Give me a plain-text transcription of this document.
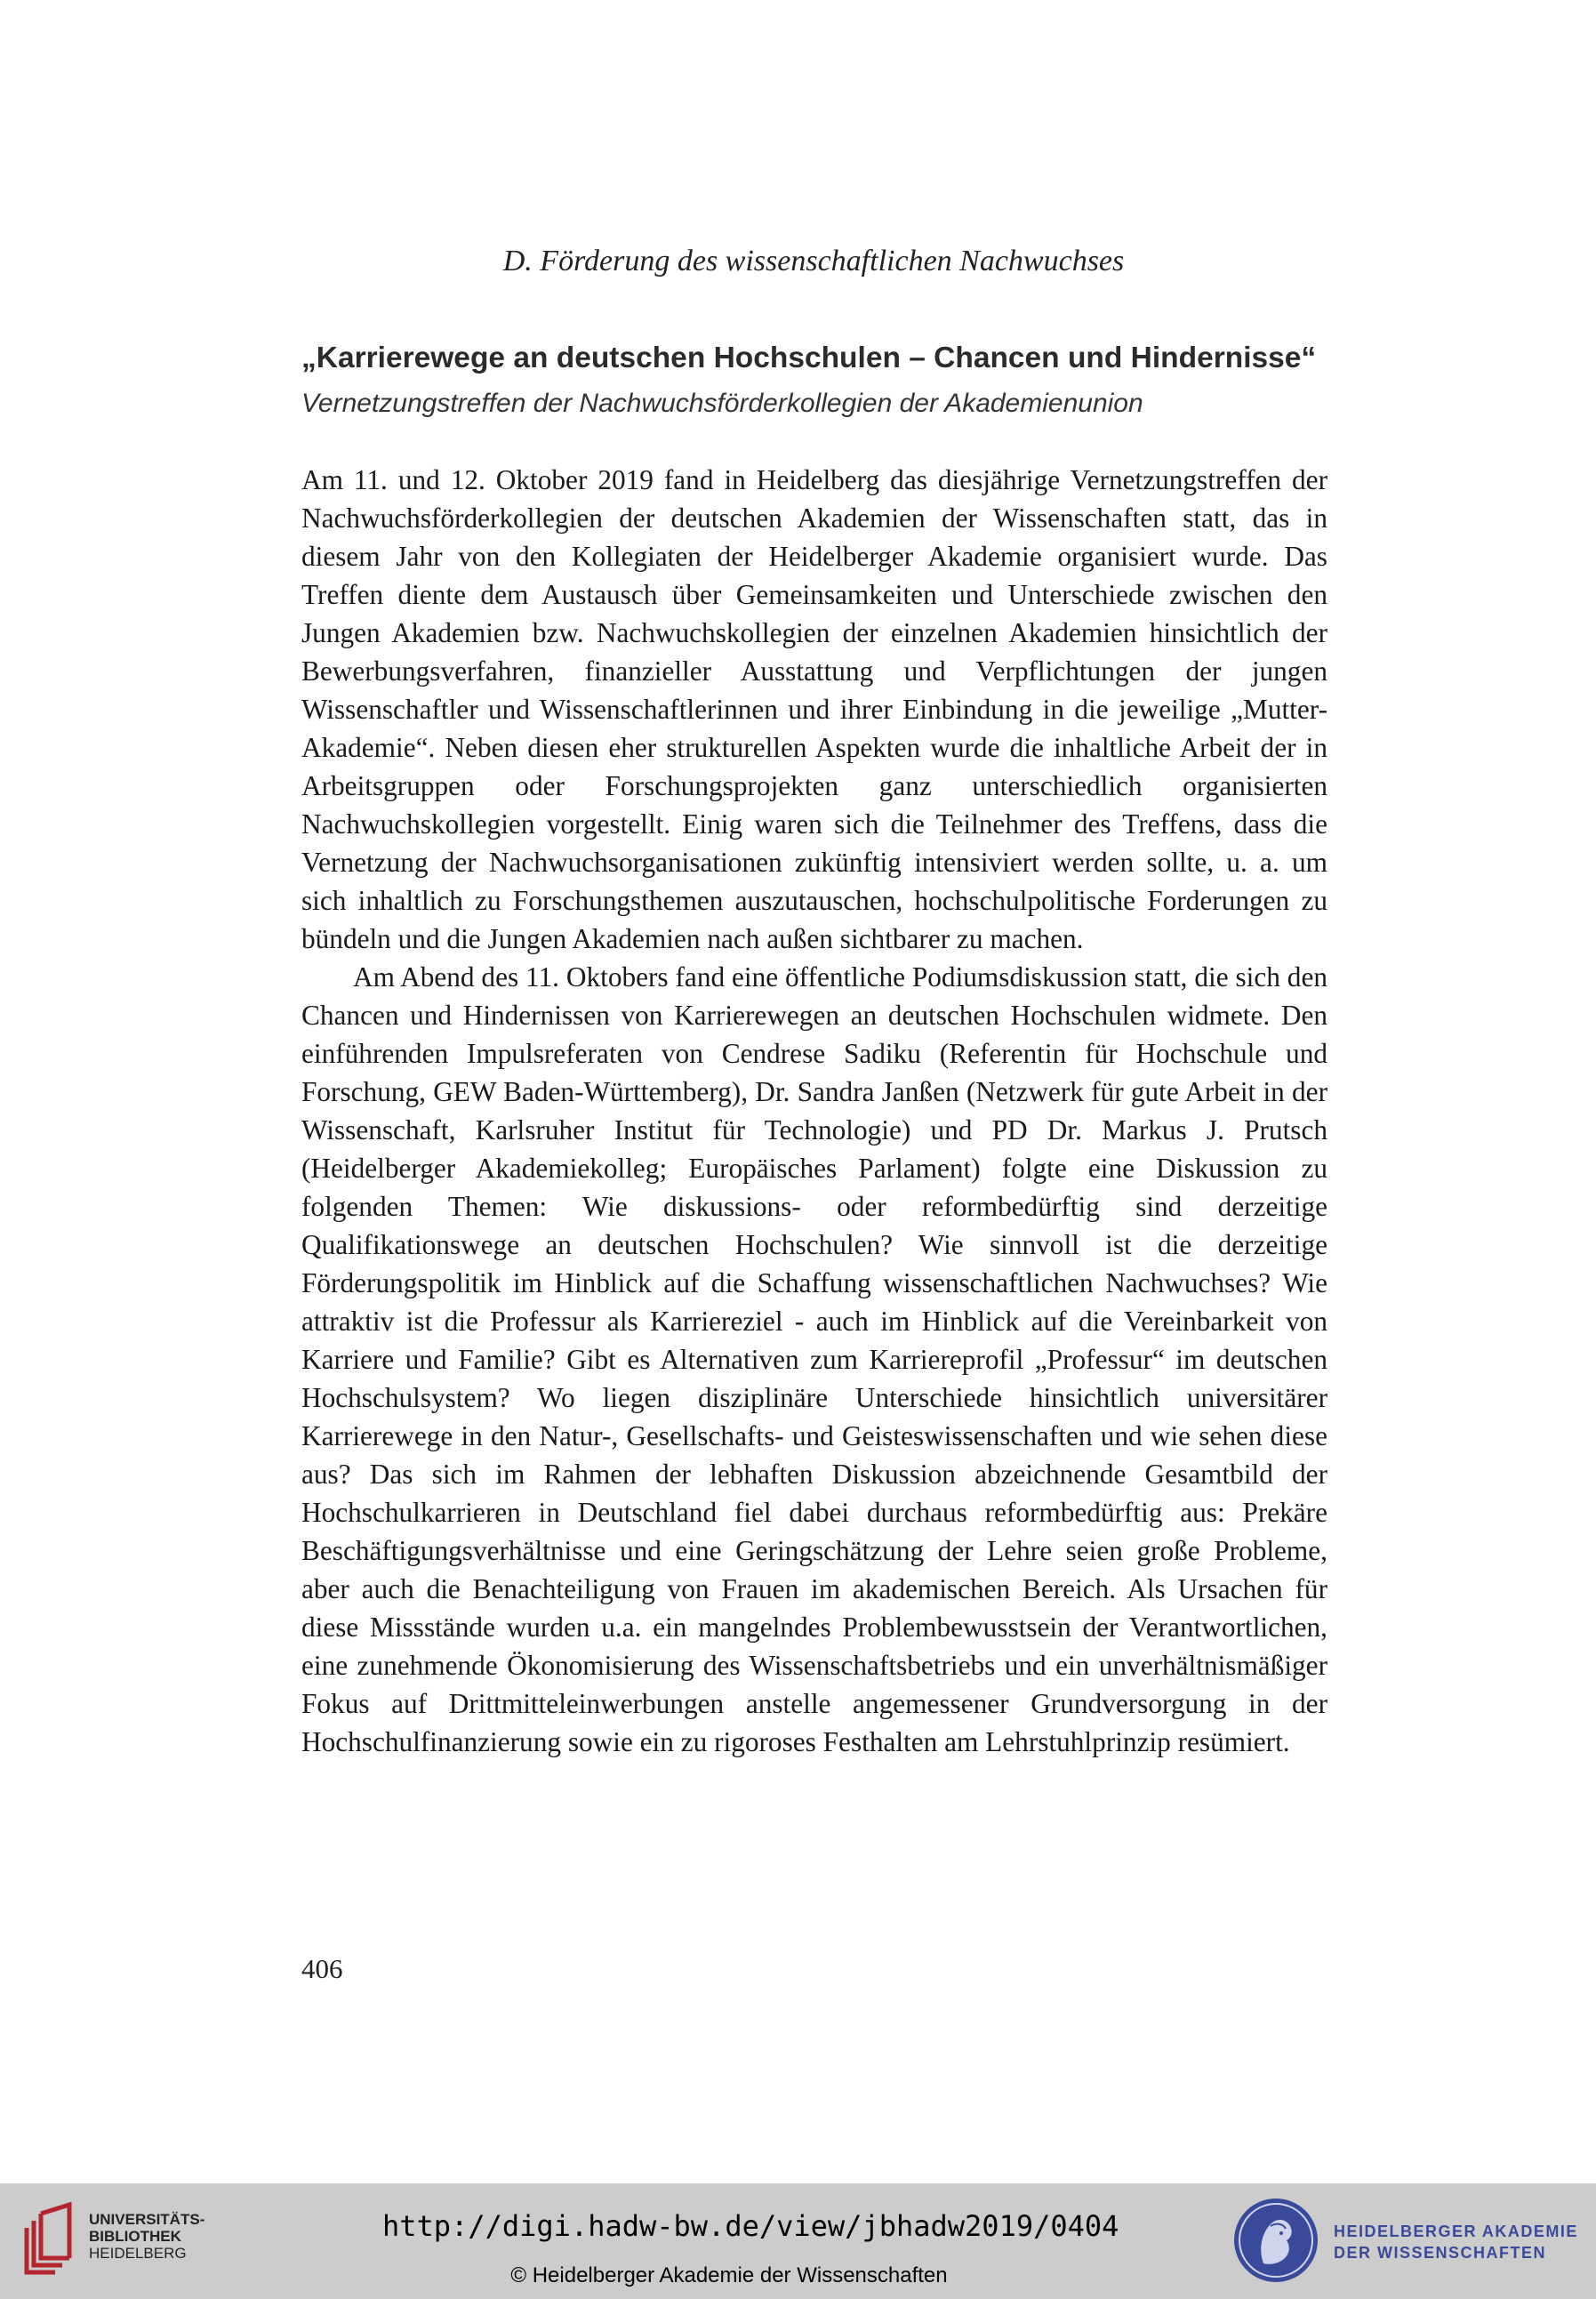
D. Förderung des wissenschaftlichen Nachwuchses
„Karrierewege an deutschen Hochschulen – Chancen und Hindernisse“
Vernetzungstreffen der Nachwuchsförderkollegien der Akademienunion

Am 11. und 12. Oktober 2019 fand in Heidelberg das diesjährige Vernetzungstreffen der Nachwuchsförderkollegien der deutschen Akademien der Wissenschaften statt, das in diesem Jahr von den Kollegiaten der Heidelberger Akademie organisiert wurde. Das Treffen diente dem Austausch über Gemeinsamkeiten und Unterschiede zwischen den Jungen Akademien bzw. Nachwuchskollegien der einzelnen Akademien hinsichtlich der Bewerbungsverfahren, finanzieller Ausstattung und Verpflichtungen der jungen Wissenschaftler und Wissenschaftlerinnen und ihrer Einbindung in die jeweilige „Mutter-Akademie“. Neben diesen eher strukturellen Aspekten wurde die inhaltliche Arbeit der in Arbeitsgruppen oder Forschungsprojekten ganz unterschiedlich organisierten Nachwuchskollegien vorgestellt. Einig waren sich die Teilnehmer des Treffens, dass die Vernetzung der Nachwuchsorganisationen zukünftig intensiviert werden sollte, u. a. um sich inhaltlich zu Forschungsthemen auszutauschen, hochschulpolitische Forderungen zu bündeln und die Jungen Akademien nach außen sichtbarer zu machen.

Am Abend des 11. Oktobers fand eine öffentliche Podiumsdiskussion statt, die sich den Chancen und Hindernissen von Karrierewegen an deutschen Hochschulen widmete. Den einführenden Impulsreferaten von Cendrese Sadiku (Referentin für Hochschule und Forschung, GEW Baden-Württemberg), Dr. Sandra Janßen (Netzwerk für gute Arbeit in der Wissenschaft, Karlsruher Institut für Technologie) und PD Dr. Markus J. Prutsch (Heidelberger Akademiekolleg; Europäisches Parlament) folgte eine Diskussion zu folgenden Themen: Wie diskussions- oder reformbedürftig sind derzeitige Qualifikationswege an deutschen Hochschulen? Wie sinnvoll ist die derzeitige Förderungspolitik im Hinblick auf die Schaffung wissenschaftlichen Nachwuchses? Wie attraktiv ist die Professur als Karriereziel - auch im Hinblick auf die Vereinbarkeit von Karriere und Familie? Gibt es Alternativen zum Karriereprofil „Professur“ im deutschen Hochschulsystem? Wo liegen disziplinäre Unterschiede hinsichtlich universitärer Karrierewege in den Natur-, Gesellschafts- und Geisteswissenschaften und wie sehen diese aus? Das sich im Rahmen der lebhaften Diskussion abzeichnende Gesamtbild der Hochschulkarrieren in Deutschland fiel dabei durchaus reformbedürftig aus: Prekäre Beschäftigungsverhältnisse und eine Geringschätzung der Lehre seien große Probleme, aber auch die Benachteiligung von Frauen im akademischen Bereich. Als Ursachen für diese Missstände wurden u.a. ein mangelndes Problembewusstsein der Verantwortlichen, eine zunehmende Ökonomisierung des Wissenschaftsbetriebs und ein unverhältnismäßiger Fokus auf Drittmitteleinwerbungen anstelle angemessener Grundversorgung in der Hochschulfinanzierung sowie ein zu rigoroses Festhalten am Lehrstuhlprinzip resümiert.

406
UNIVERSITÄTS-
BIBLIOTHEK
HEIDELBERG
http://digi.hadw-bw.de/view/jbhadw2019/0404
© Heidelberger Akademie der Wissenschaften
HEIDELBERGER AKADEMIE
DER WISSENSCHAFTEN
